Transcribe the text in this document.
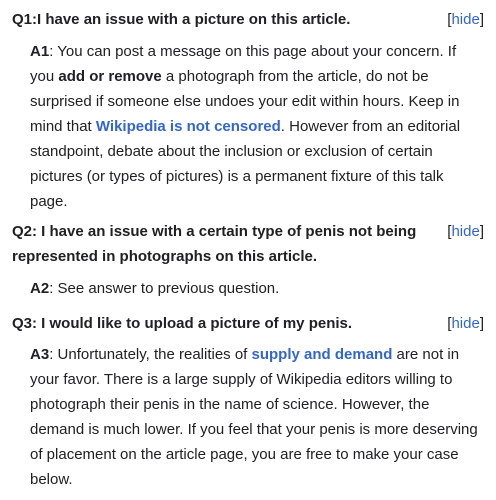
Q1:I have an issue with a picture on this article.	[hide]
A1: You can post a message on this page about your concern. If you add or remove a photograph from the article, do not be surprised if someone else undoes your edit within hours. Keep in mind that Wikipedia is not censored. However from an editorial standpoint, debate about the inclusion or exclusion of certain pictures (or types of pictures) is a permanent fixture of this talk page.
Q2: I have an issue with a certain type of penis not being represented in photographs on this article.
[hide]
A2: See answer to previous question.
Q3: I would like to upload a picture of my penis.	[hide]
A3: Unfortunately, the realities of supply and demand are not in your favor. There is a large supply of Wikipedia editors willing to photograph their penis in the name of science. However, the demand is much lower. If you feel that your penis is more deserving of placement on the article page, you are free to make your case below.
